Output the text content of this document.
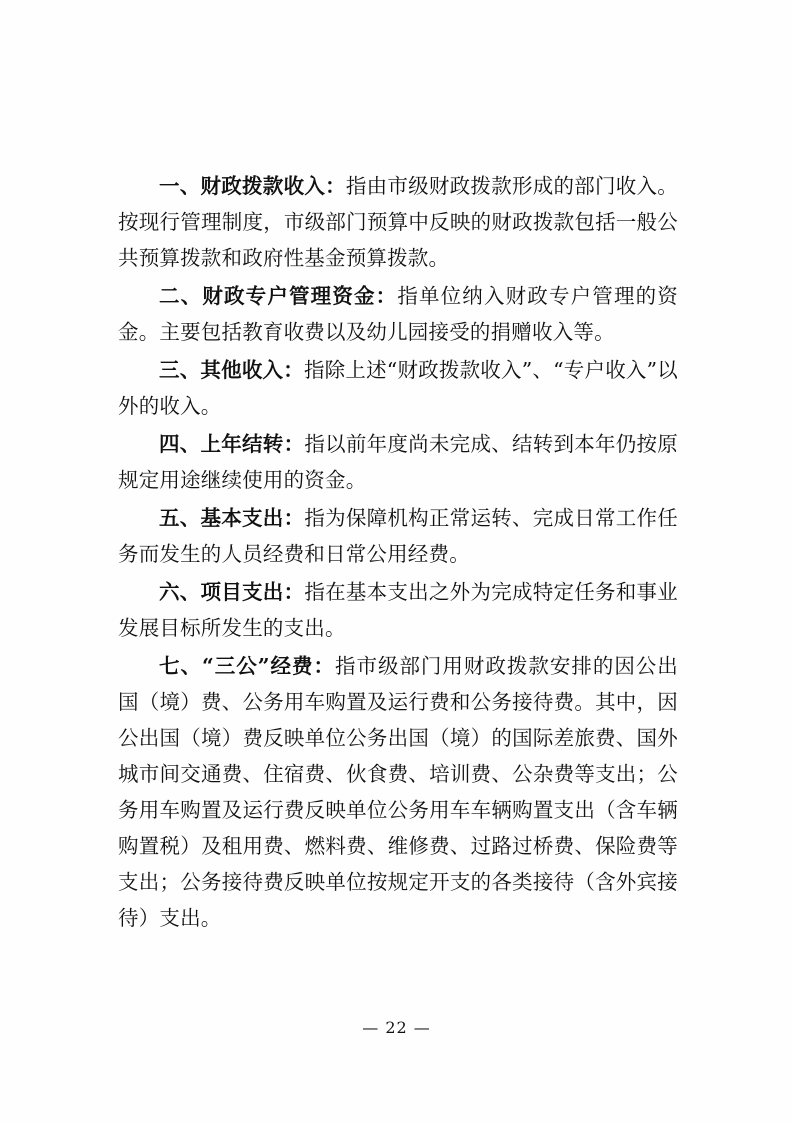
一、财政拨款收入：指由市级财政拨款形成的部门收入。按现行管理制度，市级部门预算中反映的财政拨款包括一般公共预算拨款和政府性基金预算拨款。

二、财政专户管理资金：指单位纳入财政专户管理的资金。主要包括教育收费以及幼儿园接受的捐赠收入等。

三、其他收入：指除上述“财政拨款收入”、“专户收入”以外的收入。

四、上年结转：指以前年度尚未完成、结转到本年仍按原规定用途继续使用的资金。

五、基本支出：指为保障机构正常运转、完成日常工作任务而发生的人员经费和日常公用经费。

六、项目支出：指在基本支出之外为完成特定任务和事业发展目标所发生的支出。

七、“三公”经费：指市级部门用财政拨款安排的因公出国（境）费、公务用车购置及运行费和公务接待费。其中，因公出国（境）费反映单位公务出国（境）的国际差旅费、国外城市间交通费、住宿费、伙食费、培训费、公杂费等支出；公务用车购置及运行费反映单位公务用车车辆购置支出（含车辆购置税）及租用费、燃料费、维修费、过路过桥费、保险费等支出；公务接待费反映单位按规定开支的各类接待（含外宾接待）支出。

— 22 —
